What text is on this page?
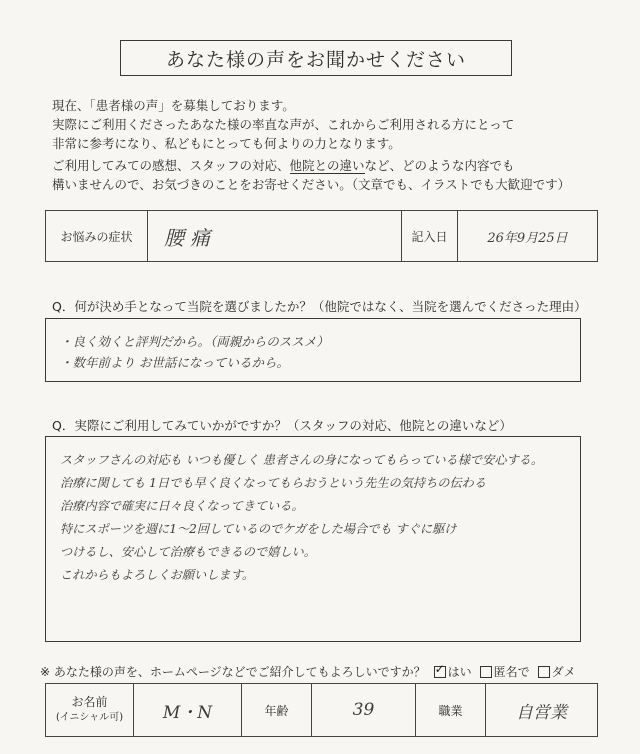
あなた様の声をお聞かせください

現在、「患者様の声」を募集しております。

実際にご利用くださったあなた様の率直な声が、これからご利用される方にとって

非常に参考になり、私どもにとっても何よりの力となります。

ご利用してみての感想、スタッフの対応、他院との違いなど、どのような内容でも

構いませんので、お気づきのことをお寄せください。（文章でも、イラストでも大歓迎です）

お悩みの症状	腰痛	記入日	26年9月25日
Q．何が決め手となって当院を選びましたか？（他院ではなく、当院を選んでくださった理由）
・良く効くと評判だから。（両親からのススメ）
・数年前より お世話になっているから。
Q．実際にご利用してみていかがですか？（スタッフの対応、他院との違いなど）
スタッフさんの対応も いつも優しく 患者さんの身になってもらっている様で安心する。
治療に関しても 1日でも早く良くなってもらおうという先生の気持ちの伝わる
治療内容で確実に日々良くなってきている。
特にスポーツを週に1〜2回しているのでケガをした場合でも すぐに駆け
つけるし、安心して治療もできるので嬉しい。
これからもよろしくお願いします。
※ あなた様の声を、ホームページなどでご紹介してもよろしいですか？
✓ はい 匿名で ダメ
お名前
(イニシャル可)	M・N	年齢	39	職業	自営業
